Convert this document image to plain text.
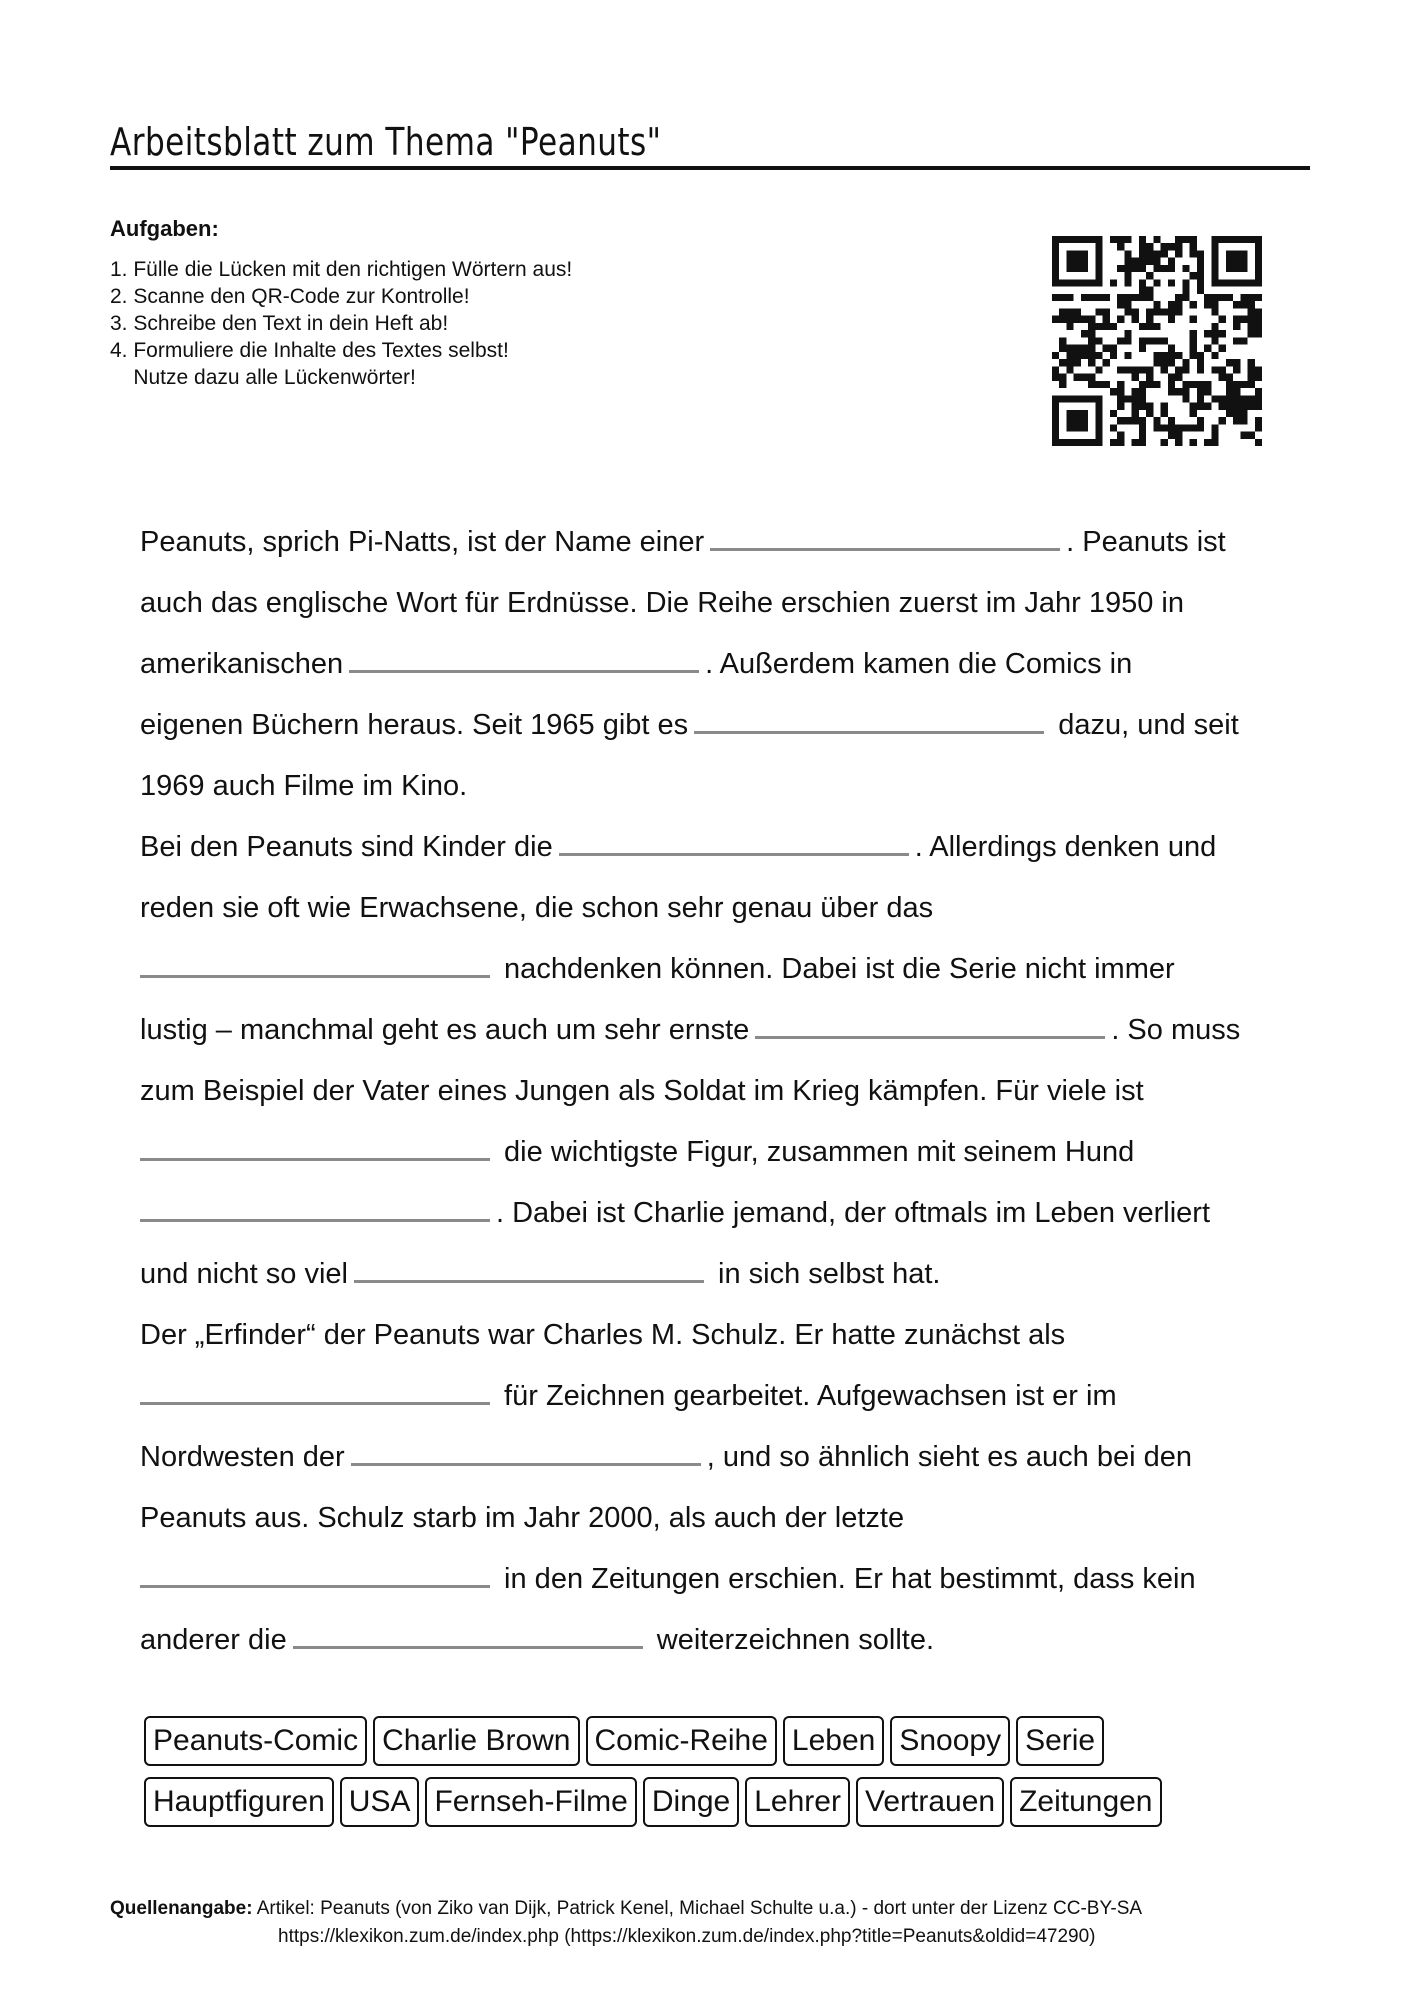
Arbeitsblatt zum Thema "Peanuts"
Aufgaben:
1. Fülle die Lücken mit den richtigen Wörtern aus!
2. Scanne den QR-Code zur Kontrolle!
3. Schreibe den Text in dein Heft ab!
4. Formuliere die Inhalte des Textes selbst!
Nutze dazu alle Lückenwörter!
Peanuts, sprich Pi-Natts, ist der Name einer	. Peanuts ist
auch das englische Wort für Erdnüsse. Die Reihe erschien zuerst im Jahr 1950 in
amerikanischen	. Außerdem kamen die Comics in
eigenen Büchern heraus. Seit 1965 gibt es	dazu, und seit
1969 auch Filme im Kino.
Bei den Peanuts sind Kinder die	. Allerdings denken und
reden sie oft wie Erwachsene, die schon sehr genau über das
nachdenken können. Dabei ist die Serie nicht immer
lustig – manchmal geht es auch um sehr ernste	. So muss
zum Beispiel der Vater eines Jungen als Soldat im Krieg kämpfen. Für viele ist
die wichtigste Figur, zusammen mit seinem Hund
. Dabei ist Charlie jemand, der oftmals im Leben verliert
und nicht so viel	in sich selbst hat.
Der „Erfinder“ der Peanuts war Charles M. Schulz. Er hatte zunächst als
für Zeichnen gearbeitet. Aufgewachsen ist er im
Nordwesten der	, und so ähnlich sieht es auch bei den
Peanuts aus. Schulz starb im Jahr 2000, als auch der letzte
in den Zeitungen erschien. Er hat bestimmt, dass kein
anderer die	weiterzeichnen sollte.
Peanuts-Comic Charlie Brown Comic-Reihe Leben Snoopy Serie
Hauptfiguren USA Fernseh-Filme Dinge Lehrer Vertrauen Zeitungen
Quellenangabe: Artikel: Peanuts (von Ziko van Dijk, Patrick Kenel, Michael Schulte u.a.) - dort unter der Lizenz CC-BY-SA
https://klexikon.zum.de/index.php (https://klexikon.zum.de/index.php?title=Peanuts&oldid=47290)
